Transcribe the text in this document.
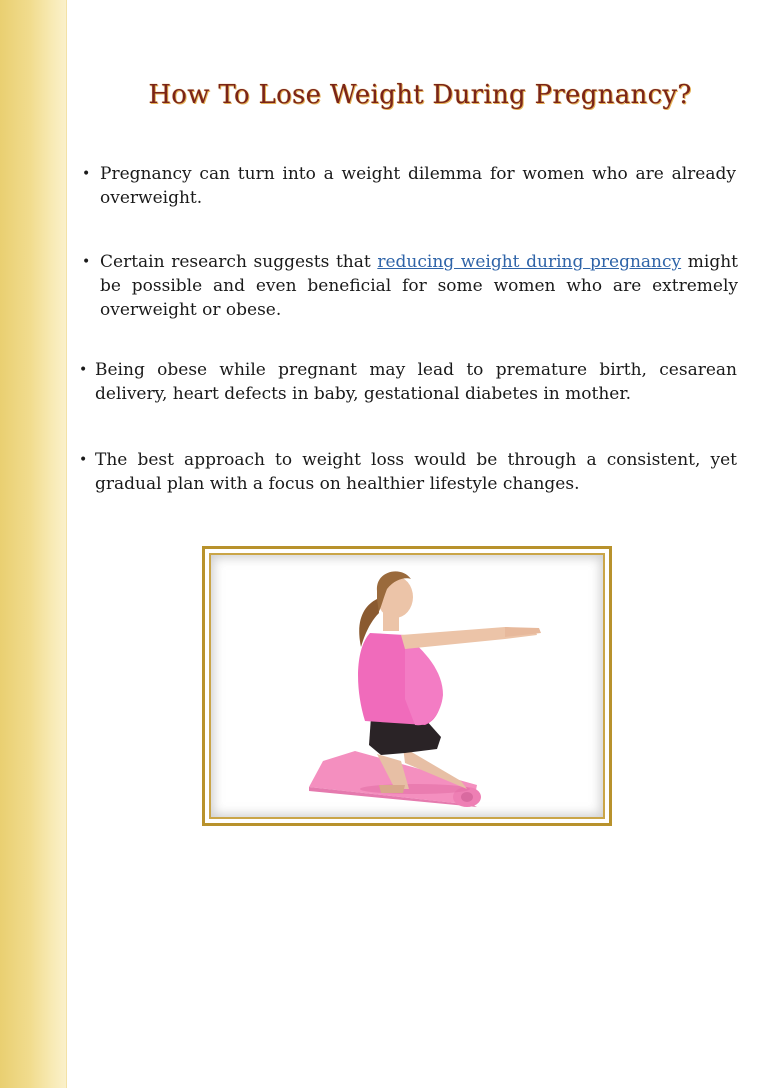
How To Lose Weight During Pregnancy?
• Pregnancy can turn into a weight dilemma for women who are already overweight.
• Certain research suggests that reducing weight during pregnancy might be possible and even beneficial for some women who are extremely overweight or obese.
• Being obese while pregnant may lead to premature birth, cesarean delivery, heart defects in baby, gestational diabetes in mother.
• The best approach to weight loss would be through a consistent, yet gradual plan with a focus on healthier lifestyle changes.
